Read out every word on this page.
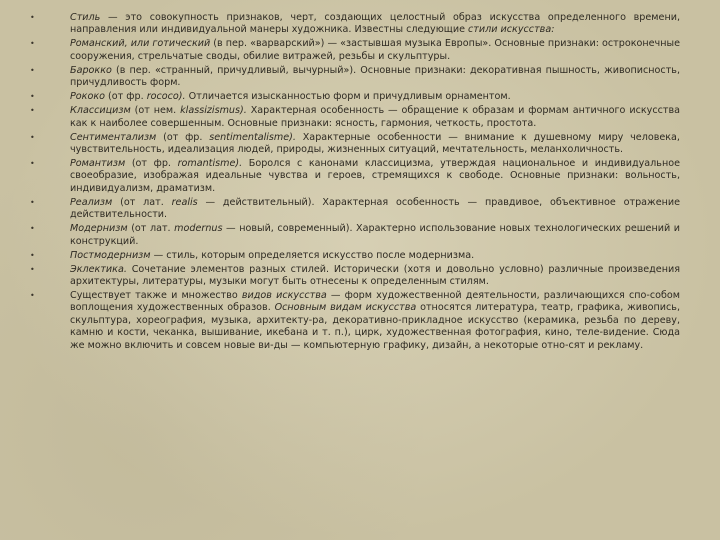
•	Стиль — это совокупность признаков, черт, создающих целостный образ искусства определенного времени, направления или индивидуальной манеры художника. Известны следующие стили искусства:
•	Романский, или готический (в пер. «варварский») — «застывшая музыка Европы». Основные признаки: остроконечные сооружения, стрельчатые своды, обилие витражей, резьбы и скульптуры.
•	Барокко (в пер. «странный, причудливый, вычурный»). Основные признаки: декоративная пышность, живописность, причудливость форм.
•	Рококо (от фр. rococo). Отличается изысканностью форм и причудливым орнаментом.
•	Классицизм (от нем. klassizismus). Характерная особенность — обращение к образам и формам античного искусства как к наиболее совершенным. Основные признаки: ясность, гармония, четкость, простота.
•	Сентиментализм (от фр. sentimentalisme). Характерные особенности — внимание к душевному миру человека, чувствительность, идеализация людей, природы, жизненных ситуаций, мечтательность, меланхоличность.
•	Романтизм (от фр. romantisme). Боролся с канонами классицизма, утверждая национальное и индивидуальное своеобразие, изображая идеальные чувства и героев, стремящихся к свободе. Основные признаки: вольность, индивидуализм, драматизм.
•	Реализм (от лат. realis — действительный). Характерная особенность — правдивое, объективное отражение действительности.
•	Модернизм (от лат. modernus — новый, современный). Характерно использование новых технологических решений и конструкций.
•	Постмодернизм — стиль, которым определяется искусство после модернизма.
•	Эклектика. Сочетание элементов разных стилей. Исторически (хотя и довольно условно) различные произведения архитектуры, литературы, музыки могут быть отнесены к определенным стилям.
•	Существует также и множество видов искусства — форм художественной деятельности, различающихся спо-собом воплощения художественных образов. Основным видам искусства относятся литература, театр, графика, живопись, скульптура, хореография, музыка, архитекту-ра, декоративно-прикладное искусство (керамика, резьба по дереву, камню и кости, чеканка, вышивание, икебана и т. п.), цирк, художественная фотография, кино, теле-видение. Сюда же можно включить и совсем новые ви-ды — компьютерную графику, дизайн, а некоторые отно-сят и рекламу.
